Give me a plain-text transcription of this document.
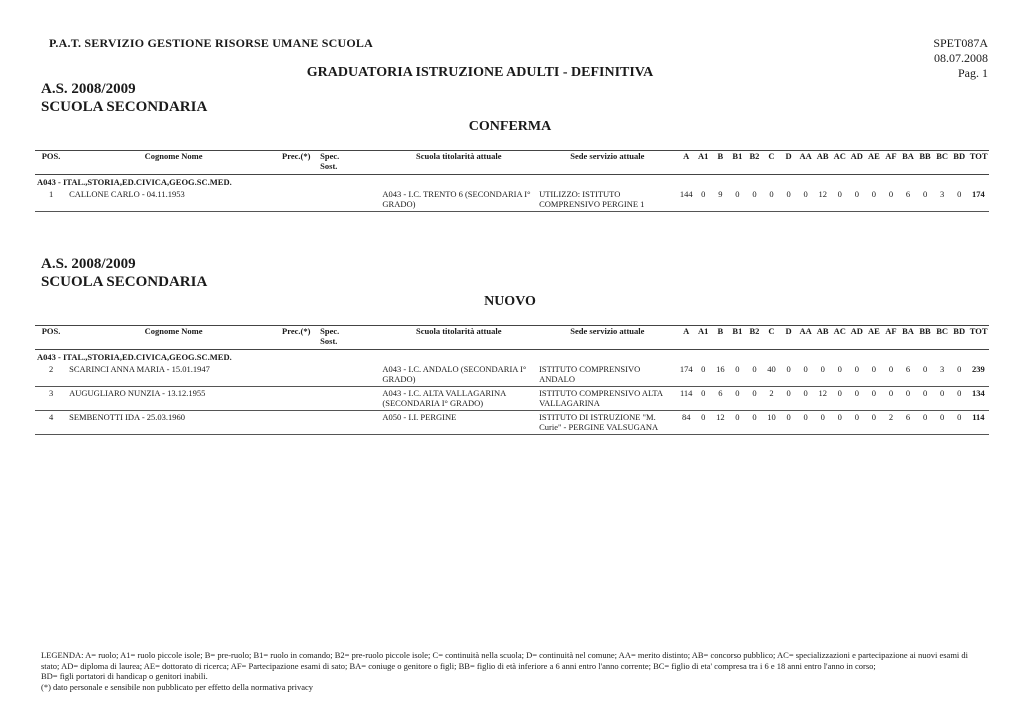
P.A.T. SERVIZIO GESTIONE RISORSE UMANE SCUOLA	SPET087A
08.07.2008
Pag. 1
GRADUATORIA ISTRUZIONE ADULTI - DEFINITIVA
A.S. 2008/2009
SCUOLA SECONDARIA
CONFERMA
POS.	Cognome Nome	Prec.(*)	Spec.
Sost.	Scuola titolarità attuale	Sede servizio attuale	A	A1	B	B1	B2	C	D	AA	AB	AC	AD	AE	AF	BA	BB	BC	BD	TOT
A043 - ITAL.,STORIA,ED.CIVICA,GEOG.SC.MED.																							
1	CALLONE CARLO - 04.11.1953			A043 - I.C. TRENTO 6 (SECONDARIA I° GRADO)	UTILIZZO: ISTITUTO COMPRENSIVO PERGINE 1	144	0	9	0	0	0	0	0	12	0	0	0	0	6	0	3	0	174
A.S. 2008/2009
SCUOLA SECONDARIA
NUOVO
POS.	Cognome Nome	Prec.(*)	Spec.
Sost.	Scuola titolarità attuale	Sede servizio attuale	A	A1	B	B1	B2	C	D	AA	AB	AC	AD	AE	AF	BA	BB	BC	BD	TOT
A043 - ITAL.,STORIA,ED.CIVICA,GEOG.SC.MED.																							
2	SCARINCI ANNA MARIA - 15.01.1947			A043 - I.C. ANDALO (SECONDARIA I° GRADO)	ISTITUTO COMPRENSIVO ANDALO	174	0	16	0	0	40	0	0	0	0	0	0	0	6	0	3	0	239
3	AUGUGLIARO NUNZIA - 13.12.1955			A043 - I.C. ALTA VALLAGARINA (SECONDARIA I° GRADO)	ISTITUTO COMPRENSIVO ALTA VALLAGARINA	114	0	6	0	0	2	0	0	12	0	0	0	0	0	0	0	0	134
4	SEMBENOTTI IDA - 25.03.1960			A050 - I.I. PERGINE	ISTITUTO DI ISTRUZIONE "M. Curie" - PERGINE VALSUGANA	84	0	12	0	0	10	0	0	0	0	0	0	2	6	0	0	0	114

LEGENDA: A= ruolo; A1= ruolo piccole isole; B= pre-ruolo; B1= ruolo in comando; B2= pre-ruolo piccole isole; C= continuità nella scuola; D= continuità nel comune; AA= merito distinto; AB= concorso pubblico; AC= specializzazioni e partecipazione ai nuovi esami di stato; AD= diploma di laurea; AE= dottorato di ricerca; AF= Partecipazione esami di sato; BA= coniuge o genitore o figli; BB= figlio di età inferiore a 6 anni entro l'anno corrente; BC= figlio di eta' compresa tra i 6 e 18 anni entro l'anno in corso;

BD= figli portatori di handicap o genitori inabili.

(*) dato personale e sensibile non pubblicato per effetto della normativa privacy
